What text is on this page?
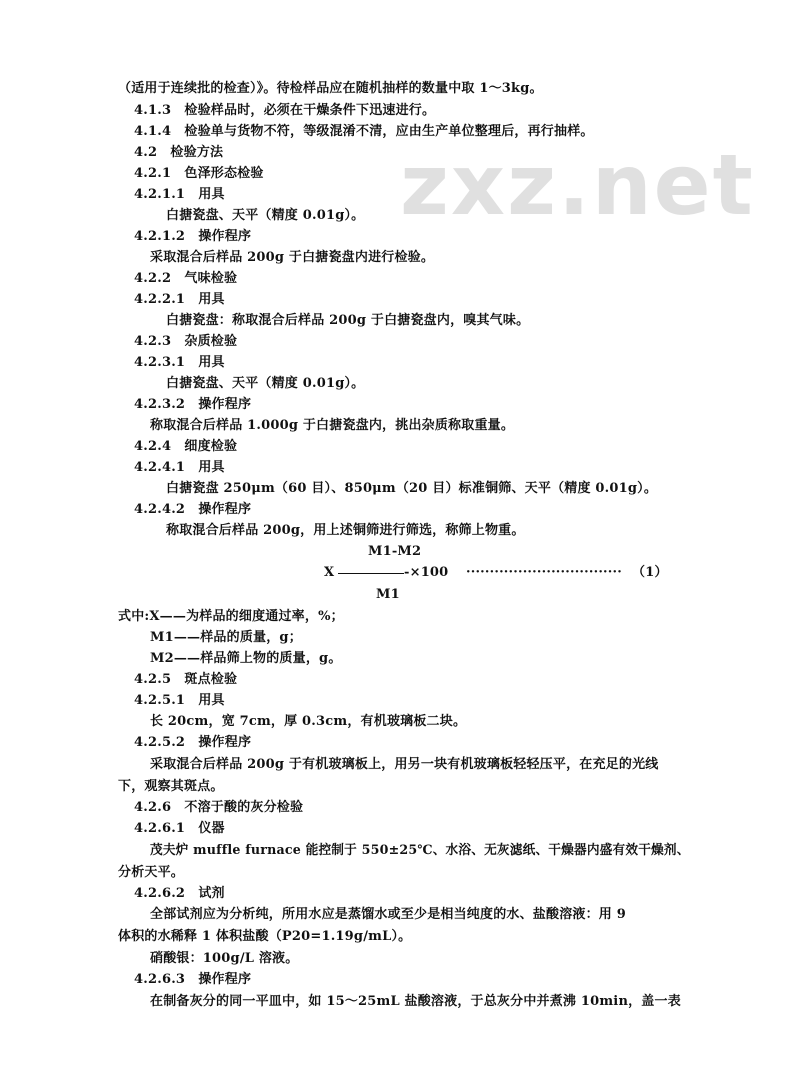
zxz.net
（适用于连续批的检查）》。待检样品应在随机抽样的数量中取 1～3kg。
4.1.3　检验样品时，必须在干燥条件下迅速进行。
4.1.4　检验单与货物不符，等级混淆不清，应由生产单位整理后，再行抽样。
4.2　检验方法
4.2.1　色泽形态检验
4.2.1.1　用具
白搪瓷盘、天平（精度 0.01g）。
4.2.1.2　操作程序
采取混合后样品 200g 于白搪瓷盘内进行检验。
4.2.2　气味检验
4.2.2.1　用具
白搪瓷盘：称取混合后样品 200g 于白搪瓷盘内，嗅其气味。
4.2.3　杂质检验
4.2.3.1　用具
白搪瓷盘、天平（精度 0.01g）。
4.2.3.2　操作程序
称取混合后样品 1.000g 于白搪瓷盘内，挑出杂质称取重量。
4.2.4　细度检验
4.2.4.1　用具
白搪瓷盘 250μm（60 目）、850μm（20 目）标准铜筛、天平（精度 0.01g）。
4.2.4.2　操作程序
称取混合后样品 200g，用上述铜筛进行筛选，称筛上物重。
M1-M2
X	-×100 ································· （1）
M1
式中:X——为样品的细度通过率，%；
M1——样品的质量，g；
M2——样品筛上物的质量，g。
4.2.5　斑点检验
4.2.5.1　用具
长 20cm，宽 7cm，厚 0.3cm，有机玻璃板二块。
4.2.5.2　操作程序
采取混合后样品 200g 于有机玻璃板上，用另一块有机玻璃板轻轻压平，在充足的光线
下，观察其斑点。
4.2.6　不溶于酸的灰分检验
4.2.6.1　仪器
茂夫炉 muffle furnace 能控制于 550±25℃、水浴、无灰滤纸、干燥器内盛有效干燥剂、
分析天平。
4.2.6.2　试剂
全部试剂应为分析纯，所用水应是蒸馏水或至少是相当纯度的水、盐酸溶液：用 9
体积的水稀释 1 体积盐酸（P20=1.19g/mL）。
硝酸银：100g/L 溶液。
4.2.6.3　操作程序
在制备灰分的同一平皿中，如 15～25mL 盐酸溶液，于总灰分中并煮沸 10min，盖一表
